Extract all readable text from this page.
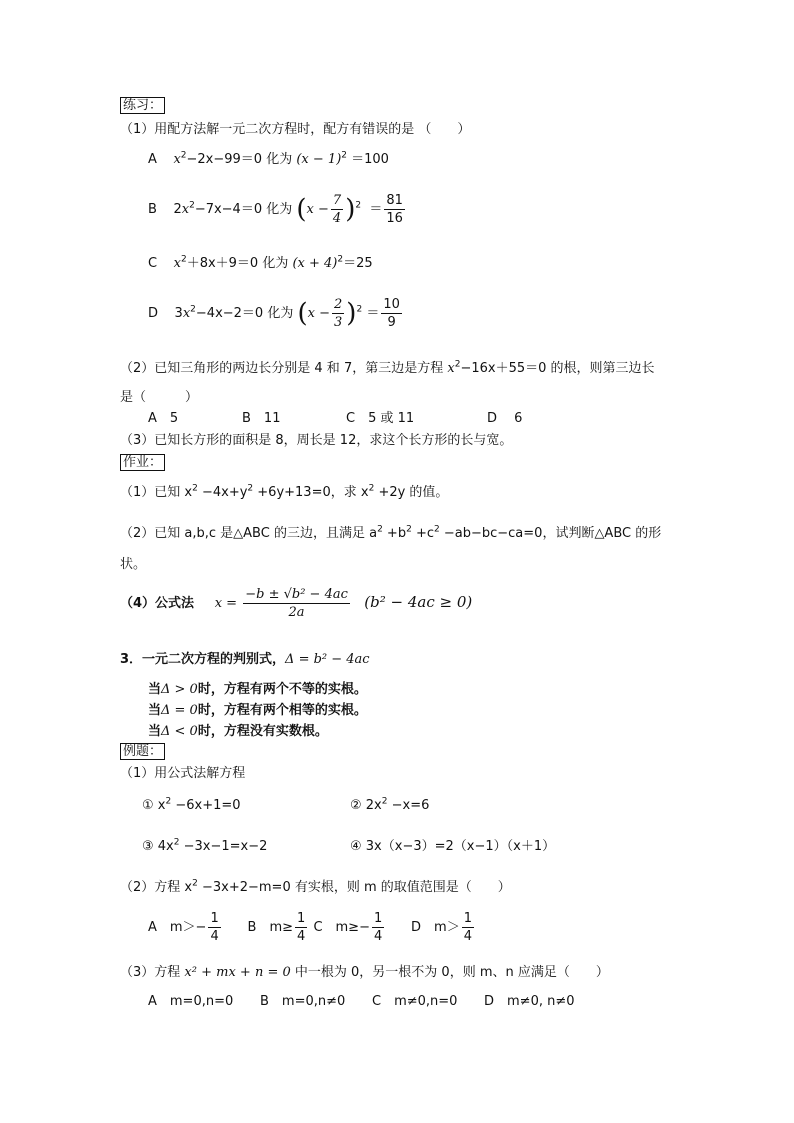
练习：
（1）用配方法解一元二次方程时，配方有错误的是 （　　）
A $x^2-2x-99=0$ 化为 $(x - 1)^2 =100$
B    $2x^2-7x-4=0$ 化为 $(x - \frac{7}{4} )^2 = \frac{81}{16}$
C $x^2+8x+9=0$ 化为 $(x + 4)^2=25$
D    $3x^2-4x-2=0$ 化为 $(x - \frac{2}{3} )^2 = \frac{10}{9}$
（2）已知三角形的两边长分别是 4 和 7，第三边是方程 $x^2-16x+55=0$ 的根，则第三边长
是（　　　）
A　5	B　11	C　5 或 11	D　 6
（3）已知长方形的面积是 8，周长是 12，求这个长方形的长与宽。
作业：
（1）已知 $x^2 -4x+y^2 +6y+13=0$，求 $x^2 +2y$ 的值。
（2）已知 a,b,c 是△ABC 的三边，且满足 $a^2 +b^2 +c^2 -ab-bc-ca=0$，试判断△ABC 的形
状。
（4）公式法 $x = \frac{\text{−b ± √b² − 4ac}}{2a} (b^2 - 4ac \ge 0)$
3．一元二次方程的判别式，Δ = b² − 4ac
当Δ > 0时，方程有两个不等的实根。
当Δ = 0时，方程有两个相等的实根。
当Δ < 0时，方程没有实数根。
例题：
（1）用公式法解方程
① $x^2 -6x+1=0$	② $2x^2 -x=6$
③ $4x^2 -3x-1=x-2$	④ 3x（x−3）=2（x−1）（x＋1）
（2）方程 $x^2 -3x+2-m=0$ 有实根，则 m 的取值范围是（　　）
A　$m>- \frac{1}{4}$ B　$m\ge \frac{1}{4}$ C　$m\ge- \frac{1}{4}$ D　$m> \frac{1}{4}$
（3）方程 x² + mx + n = 0 中一根为 0，另一根不为 0，则 m、n 应满足（　　）
A　m=0,n=0 B　m=0,n≠0 C　m≠0,n=0 D　m≠0, n≠0
